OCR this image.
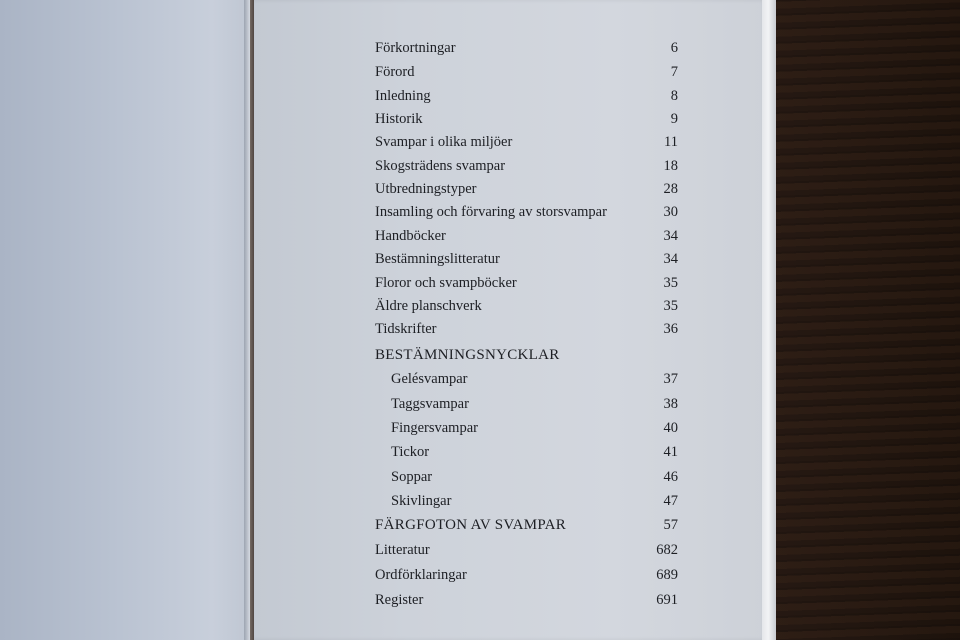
Förkortningar	6
Förord	7
Inledning	8
Historik	9
Svampar i olika miljöer	11
Skogsträdens svampar	18
Utbredningstyper	28
Insamling och förvaring av storsvampar	30
Handböcker	34
Bestämningslitteratur	34
Floror och svampböcker	35
Äldre planschverk	35
Tidskrifter	36
BESTÄMNINGSNYCKLAR
Gelésvampar	37
Taggsvampar	38
Fingersvampar	40
Tickor	41
Soppar	46
Skivlingar	47
FÄRGFOTON AV SVAMPAR	57
Litteratur	682
Ordförklaringar	689
Register	691
